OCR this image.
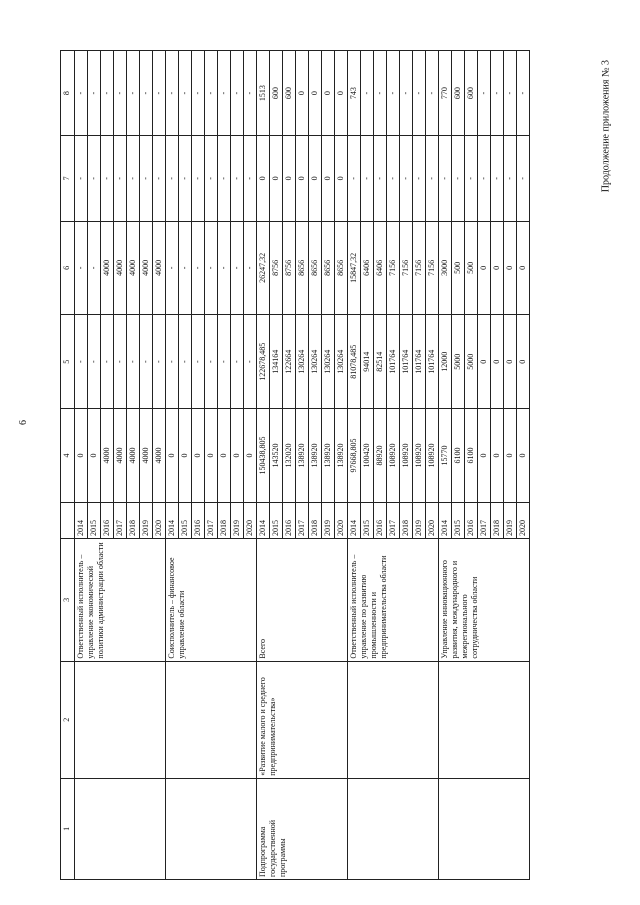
6
Продолжение приложения № 3
1	2	3		4	5	6	7	8
		Ответственный исполнитель – управление экономической политики администрации области	2014	0	-	-	-	-
			2015	0	-	-	-	-
			2016	4000	-	4000	-	-
			2017	4000	-	4000	-	-
			2018	4000	-	4000	-	-
			2019	4000	-	4000	-	-
			2020	4000	-	4000	-	-
		Соисполнитель – финансовое управление области	2014	0	-	-	-	-
			2015	0	-	-	-	-
			2016	0	-	-	-	-
			2017	0	-	-	-	-
			2018	0	-	-	-	-
			2019	0	-	-	-	-
			2020	0	-	-	-	-
Подпрограмма государственной программы	«Развитие малого и среднего предпринимательства»	Всего	2014	150438,805	122678,485	26247,32	0	1513
			2015	143520	134164	8756	0	600
			2016	132020	122664	8756	0	600
			2017	138920	130264	8656	0	0
			2018	138920	130264	8656	0	0
			2019	138920	130264	8656	0	0
			2020	138920	130264	8656	0	0
		Ответственный исполнитель – управление по развитию промышленности и предпринимательства области	2014	97668,805	81078,485	15847,32	-	743
			2015	100420	94014	6406	-	-
			2016	88920	82514	6406	-	-
			2017	108920	101764	7156	-	-
			2018	108920	101764	7156	-	-
			2019	108920	101764	7156	-	-
			2020	108920	101764	7156	-	-
		Управление инновационного развития, международного и межрегионального сотрудничества области	2014	15770	12000	3000	-	770
			2015	6100	5000	500	-	600
			2016	6100	5000	500	-	600
			2017	0	0	0	-	-
			2018	0	0	0	-	-
			2019	0	0	0	-	-
			2020	0	0	0	-	-
